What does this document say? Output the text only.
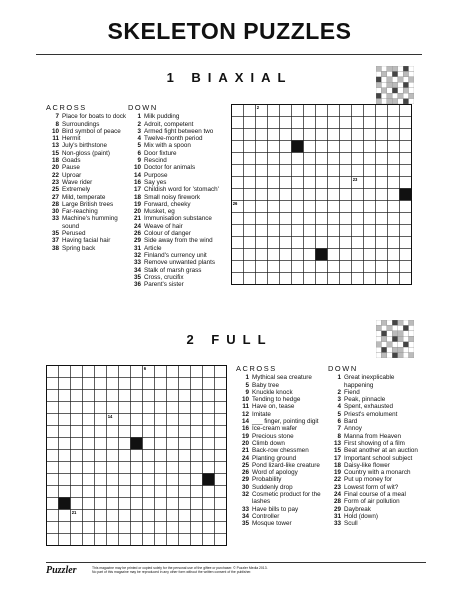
SKELETON PUZZLES
1 BIAXIAL
ACROSS
7 Place for boats to dock
8 Surroundings
10 Bird symbol of peace
11 Hermit
13 July's birthstone
15 Non-gloss (paint)
18 Goads
20 Pause
22 Uproar
23 Wave rider
25 Extremely
27 Mild, temperate
28 Large British trees
30 Far-reaching
33 Machine's humming sound
35 Perused
37 Having facial hair
38 Spring back
DOWN
1 Milk pudding
2 Adroit, competent
3 Armed fight between two
4 Twelve-month period
5 Mix with a spoon
6 Door fixture
9 Rescind
10 Doctor for animals
14 Purpose
16 Say yes
17 Childish word for 'stomach'
18 Small noisy firework
19 Forward, cheeky
20 Musket, eg
21 Immunisation substance
24 Weave of hair
26 Colour of danger
29 Side away from the wind
31 Article
32 Finland's currency unit
33 Remove unwanted plants
34 Stalk of marsh grass
35 Cross, crucifix
36 Parent's sister
2
23
26
2 FULL
6
14
21
ACROSS
1 Mythical sea creature
5 Baby tree
9 Knuckle knock
10 Tending to hedge
11 Have on, tease
12 Imitate
14 ___ finger, pointing digit
16 Ice-cream wafer
19 Precious stone
20 Climb down
21 Back-row chessmen
24 Planting ground
25 Pond lizard-like creature
26 Word of apology
29 Probability
30 Suddenly drop
32 Cosmetic product for the lashes
33 Have bills to pay
34 Controller
35 Mosque tower
DOWN
1 Great inexplicable happening
2 Fiend
3 Peak, pinnacle
4 Spent, exhausted
5 Priest's emolument
6 Bard
7 Annoy
8 Manna from Heaven
13 First showing of a film
15 Beat another at an auction
17 Important school subject
18 Daisy-like flower
19 Country with a monarch
22 Put up money for
23 Lowest form of wit?
24 Final course of a meal
28 Form of air pollution
29 Daybreak
31 Hold (down)
33 Scull
Puzzler	This magazine may be printed or copied solely for the personal use of the giftee or purchaser. © Puzzler Media 2013.
No part of this magazine may be reproduced in any other form without the written consent of the publisher.
